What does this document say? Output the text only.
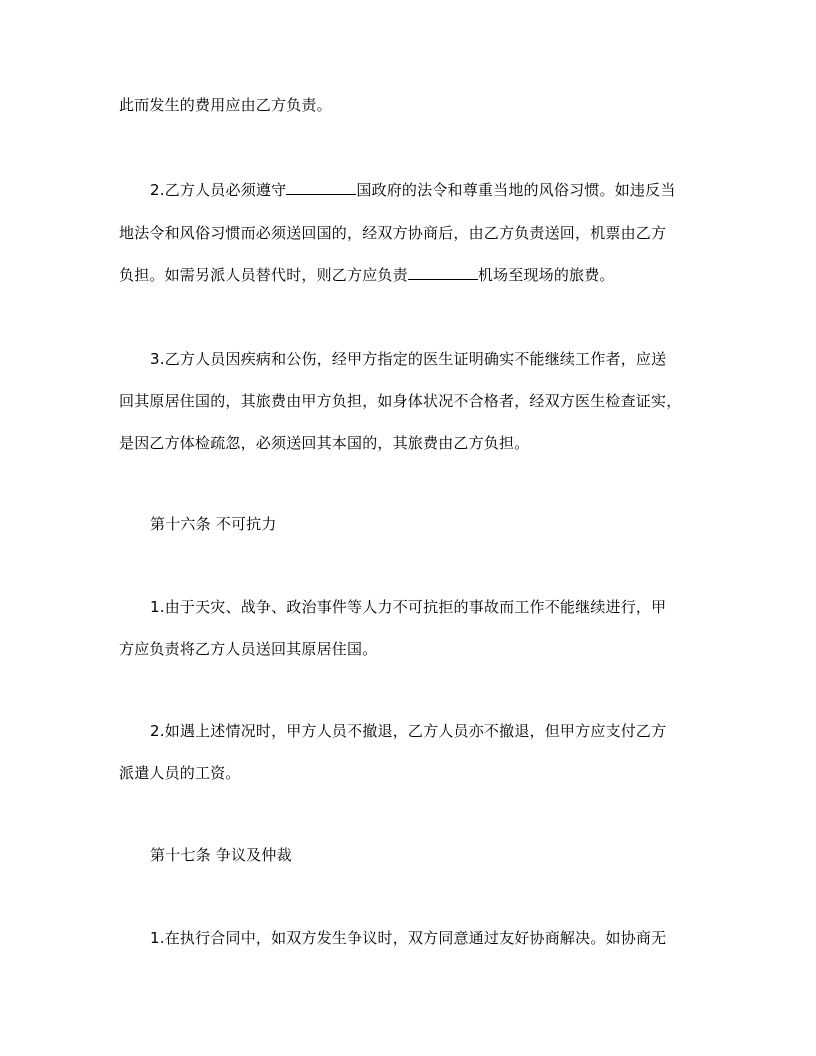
此而发生的费用应由乙方负责。
2.乙方人员必须遵守	国政府的法令和尊重当地的风俗习惯。如违反当
地法令和风俗习惯而必须送回国的，经双方协商后，由乙方负责送回，机票由乙方
负担。如需另派人员替代时，则乙方应负责	机场至现场的旅费。
3.乙方人员因疾病和公伤，经甲方指定的医生证明确实不能继续工作者，应送
回其原居住国的，其旅费由甲方负担，如身体状况不合格者，经双方医生检查证实，
是因乙方体检疏忽，必须送回其本国的，其旅费由乙方负担。
第十六条 不可抗力
1.由于天灾、战争、政治事件等人力不可抗拒的事故而工作不能继续进行，甲
方应负责将乙方人员送回其原居住国。
2.如遇上述情况时，甲方人员不撤退，乙方人员亦不撤退，但甲方应支付乙方
派遣人员的工资。
第十七条 争议及仲裁
1.在执行合同中，如双方发生争议时，双方同意通过友好协商解决。如协商无
